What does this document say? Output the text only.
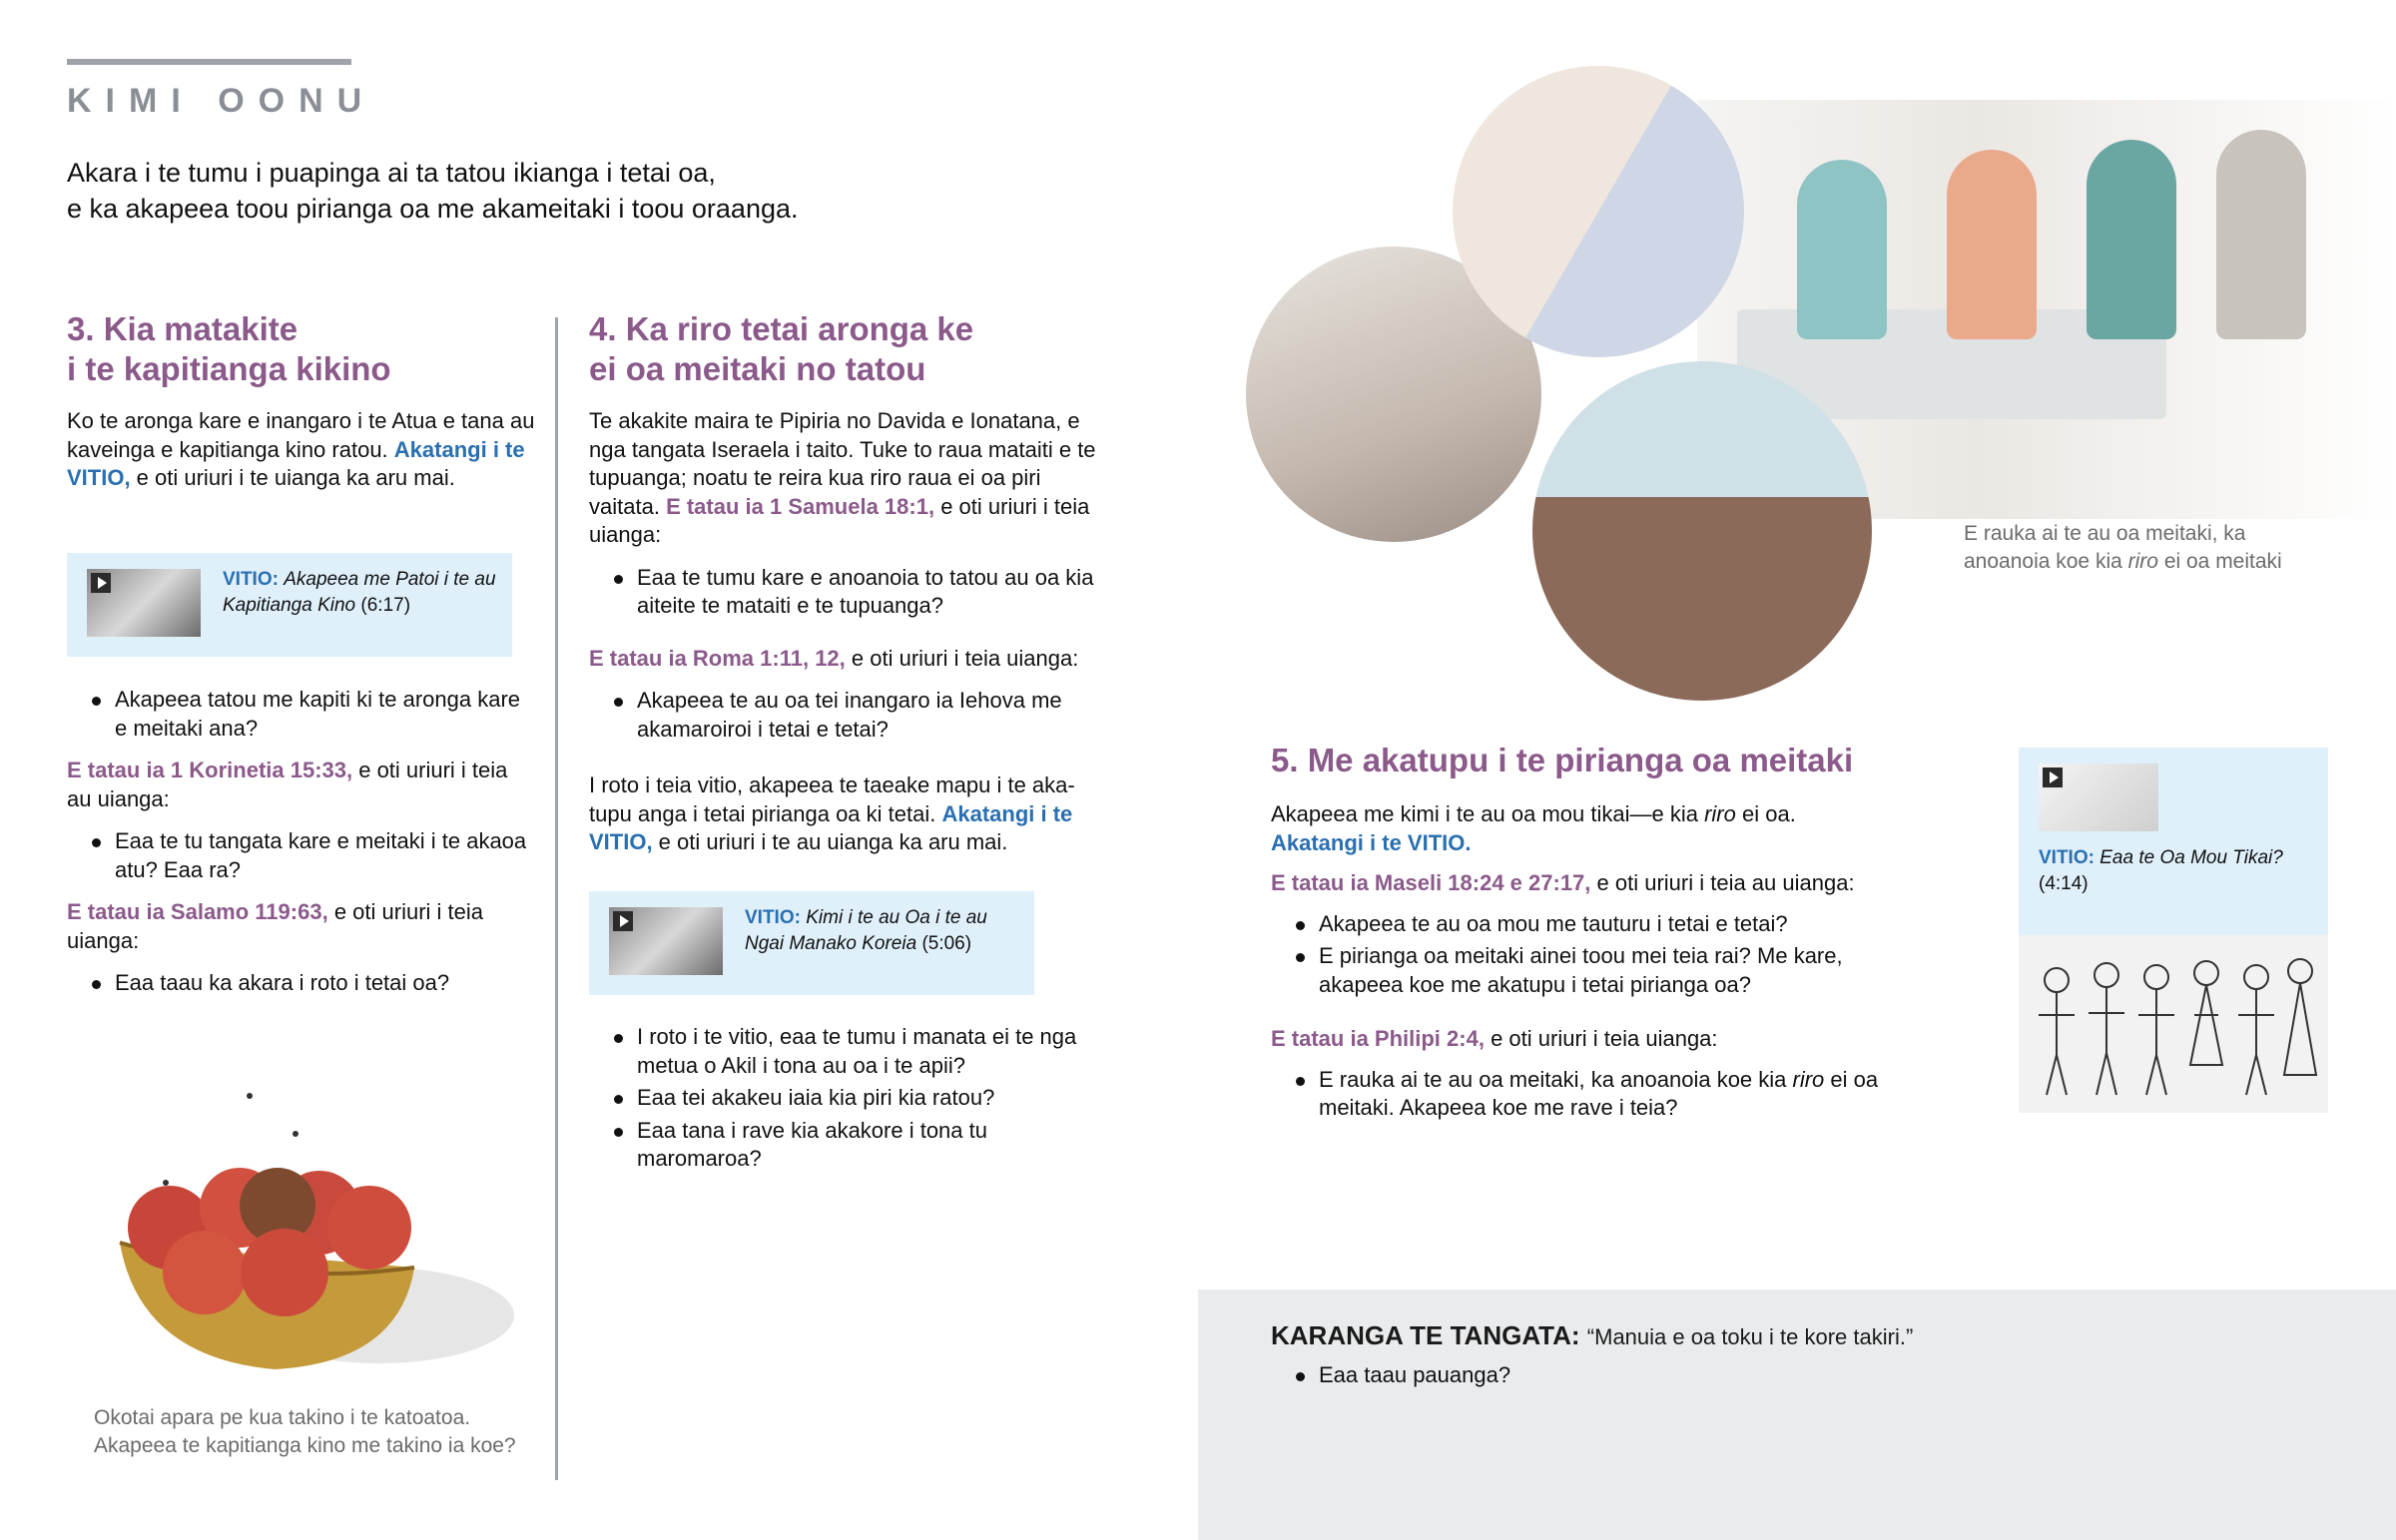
KIMI OONU
Akara i te tumu i puapinga ai ta tatou ikianga i tetai oa,
e ka akapeea toou pirianga oa me akameitaki i toou oraanga.
3. Kia matakite
i te kapitianga kikino
Ko te aronga kare e inangaro i te Atua e tana au kaveinga e kapitianga kino ratou. Akatangi i te VITIO, e oti uriuri i te uianga ka aru mai.
VITIO: Akapeea me Patoi i te au Kapitianga Kino (6:17)
Akapeea tatou me kapiti ki te aronga kare e meitaki ana?
E tatau ia 1 Korinetia 15:33, e oti uriuri i teia au uianga:
Eaa te tu tangata kare e meitaki i te akaoa atu? Eaa ra?
E tatau ia Salamo 119:63, e oti uriuri i teia uianga:
Eaa taau ka akara i roto i tetai oa?
Okotai apara pe kua takino i te katoatoa.
Akapeea te kapitianga kino me takino ia koe?
4. Ka riro tetai aronga ke
ei oa meitaki no tatou
Te akakite maira te Pipiria no Davida e Ionatana, e nga tangata Iseraela i taito. Tuke to raua mataiti e te tupuanga; noatu te reira kua riro raua ei oa piri vaitata. E tatau ia 1 Samuela 18:1, e oti uriuri i teia uianga:
Eaa te tumu kare e anoanoia to tatou au oa kia aiteite te mataiti e te tupuanga?
E tatau ia Roma 1:11, 12, e oti uriuri i teia uianga:
Akapeea te au oa tei inangaro ia Iehova me akamaroiroi i tetai e tetai?
I roto i teia vitio, akapeea te taeake mapu i te aka-tupu anga i tetai pirianga oa ki tetai. Akatangi i te VITIO, e oti uriuri i te au uianga ka aru mai.
VITIO: Kimi i te au Oa i te au Ngai Manako Koreia (5:06)
I roto i te vitio, eaa te tumu i manata ei te nga metua o Akil i tona au oa i te apii?
Eaa tei akakeu iaia kia piri kia ratou?
Eaa tana i rave kia akakore i tona tu maromaroa?
E rauka ai te au oa meitaki, ka
anoanoia koe kia riro ei oa meitaki
5. Me akatupu i te pirianga oa meitaki
Akapeea me kimi i te au oa mou tikai—e kia riro ei oa.
Akatangi i te VITIO.
E tatau ia Maseli 18:24 e 27:17, e oti uriuri i teia au uianga:
Akapeea te au oa mou me tauturu i tetai e tetai?
E pirianga oa meitaki ainei toou mei teia rai? Me kare, akapeea koe me akatupu i tetai pirianga oa?
E tatau ia Philipi 2:4, e oti uriuri i teia uianga:
E rauka ai te au oa meitaki, ka anoanoia koe kia riro ei oa meitaki. Akapeea koe me rave i teia?
VITIO: Eaa te Oa Mou Tikai?
(4:14)
KARANGA TE TANGATA: “Manuia e oa toku i te kore takiri.”
Eaa taau pauanga?
